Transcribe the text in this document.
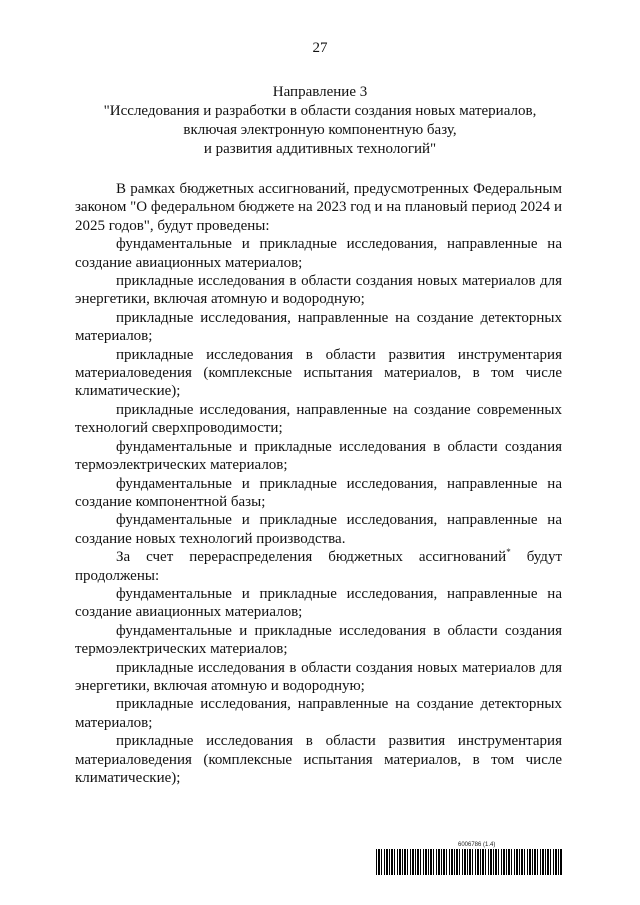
27
Направление 3
"Исследования и разработки в области создания новых материалов,
включая электронную компонентную базу,
и развития аддитивных технологий"

В рамках бюджетных ассигнований, предусмотренных Федеральным законом "О федеральном бюджете на 2023 год и на плановый период 2024 и 2025 годов", будут проведены:

фундаментальные и прикладные исследования, направленные на создание авиационных материалов;

прикладные исследования в области создания новых материалов для энергетики, включая атомную и водородную;

прикладные исследования, направленные на создание детекторных материалов;

прикладные исследования в области развития инструментария материаловедения (комплексные испытания материалов, в том числе климатические);

прикладные исследования, направленные на создание современных технологий сверхпроводимости;

фундаментальные и прикладные исследования в области создания термоэлектрических материалов;

фундаментальные и прикладные исследования, направленные на создание компонентной базы;

фундаментальные и прикладные исследования, направленные на создание новых технологий производства.

За счет перераспределения бюджетных ассигнований* будут продолжены:

фундаментальные и прикладные исследования, направленные на создание авиационных материалов;

фундаментальные и прикладные исследования в области создания термоэлектрических материалов;

прикладные исследования в области создания новых материалов для энергетики, включая атомную и водородную;

прикладные исследования, направленные на создание детекторных материалов;

прикладные исследования в области развития инструментария материаловедения (комплексные испытания материалов, в том числе климатические);

6006786 (1.4)
